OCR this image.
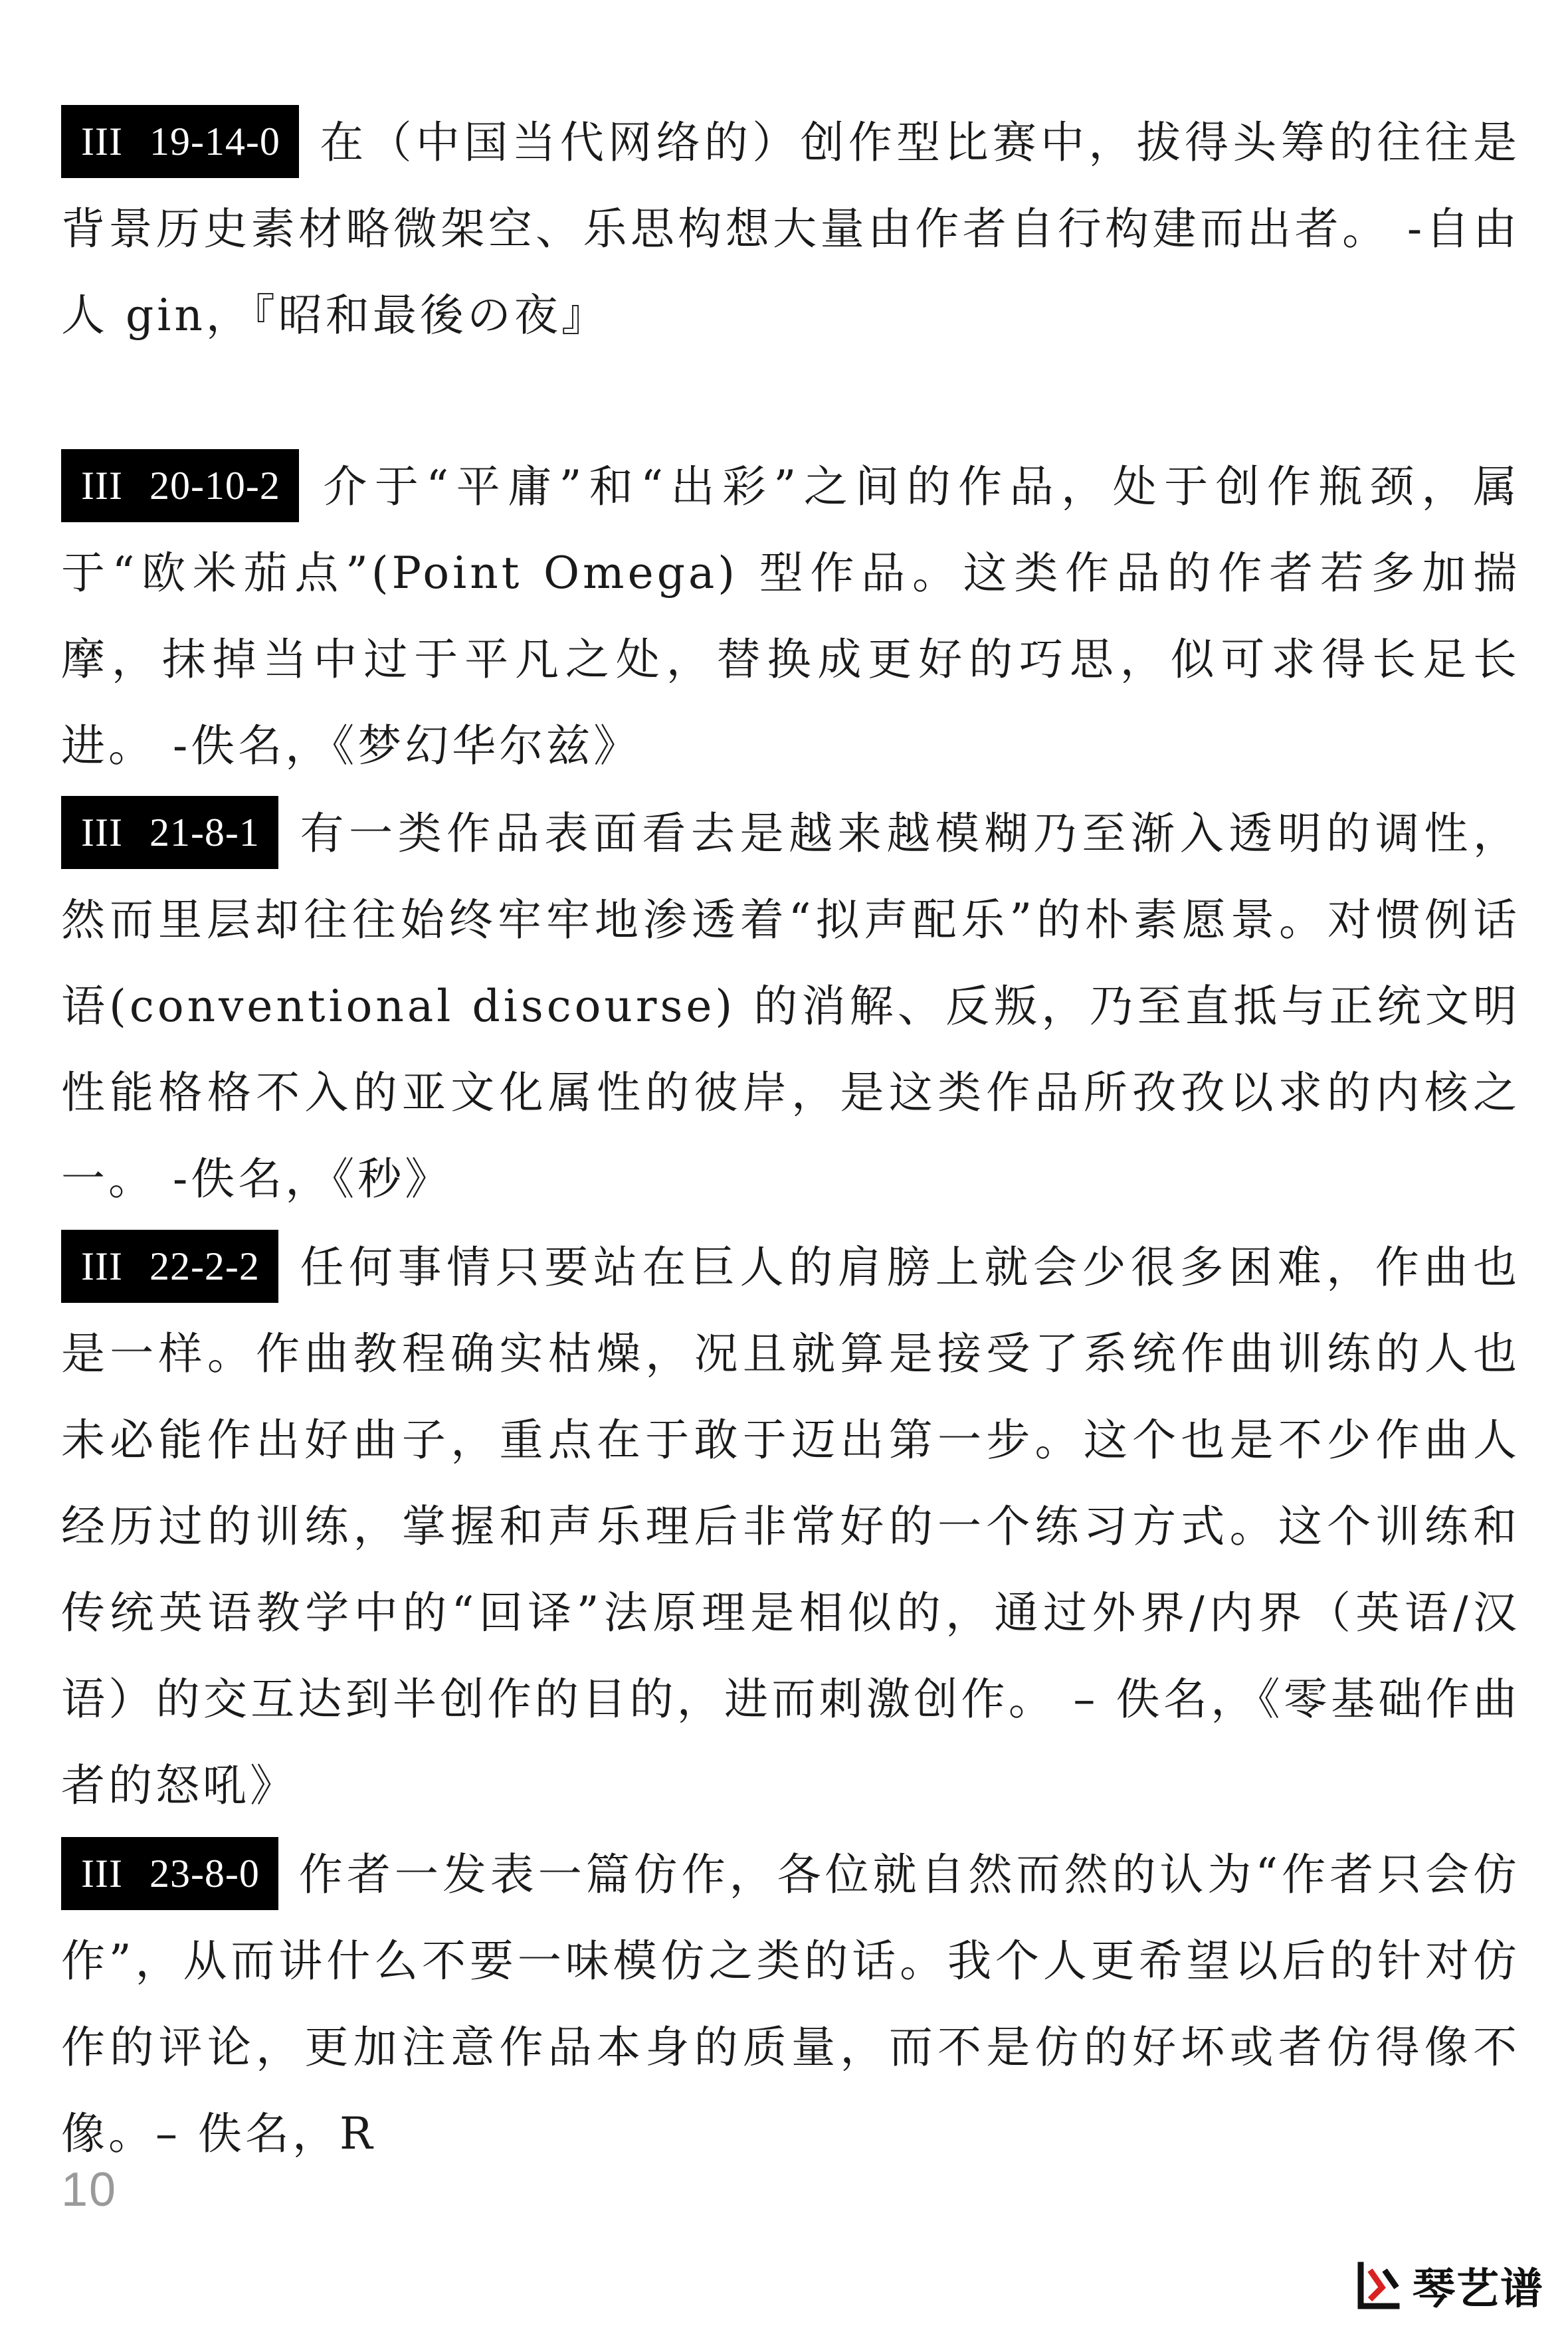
III 19-14-0 在（中国当代网络的）创作型比赛中，拔得头筹的往往是背景历史素材略微架空、乐思构想大量由作者自行构建而出者。 -自由人 gin，『昭和最後の夜』
III 20-10-2 介于“平庸”和“出彩”之间的作品，处于创作瓶颈，属于“欧米茄点”(Point Omega) 型作品。这类作品的作者若多加揣摩，抹掉当中过于平凡之处，替换成更好的巧思，似可求得长足长进。 -佚名，《梦幻华尔兹》
III 21-8-1 有一类作品表面看去是越来越模糊乃至渐入透明的调性，然而里层却往往始终牢牢地渗透着“拟声配乐”的朴素愿景。对惯例话语(conventional discourse) 的消解、反叛，乃至直抵与正统文明性能格格不入的亚文化属性的彼岸，是这类作品所孜孜以求的内核之一。 -佚名，《秒》
III 22-2-2 任何事情只要站在巨人的肩膀上就会少很多困难，作曲也是一样。作曲教程确实枯燥，况且就算是接受了系统作曲训练的人也未必能作出好曲子，重点在于敢于迈出第一步。这个也是不少作曲人经历过的训练，掌握和声乐理后非常好的一个练习方式。这个训练和传统英语教学中的“回译”法原理是相似的，通过外界/内界（英语/汉语）的交互达到半创作的目的，进而刺激创作。 – 佚名，《零基础作曲者的怒吼》
III 23-8-0 作者一发表一篇仿作，各位就自然而然的认为“作者只会仿作”，从而讲什么不要一味模仿之类的话。我个人更希望以后的针对仿作的评论，更加注意作品本身的质量，而不是仿的好坏或者仿得像不像。– 佚名，R
10
琴艺谱
